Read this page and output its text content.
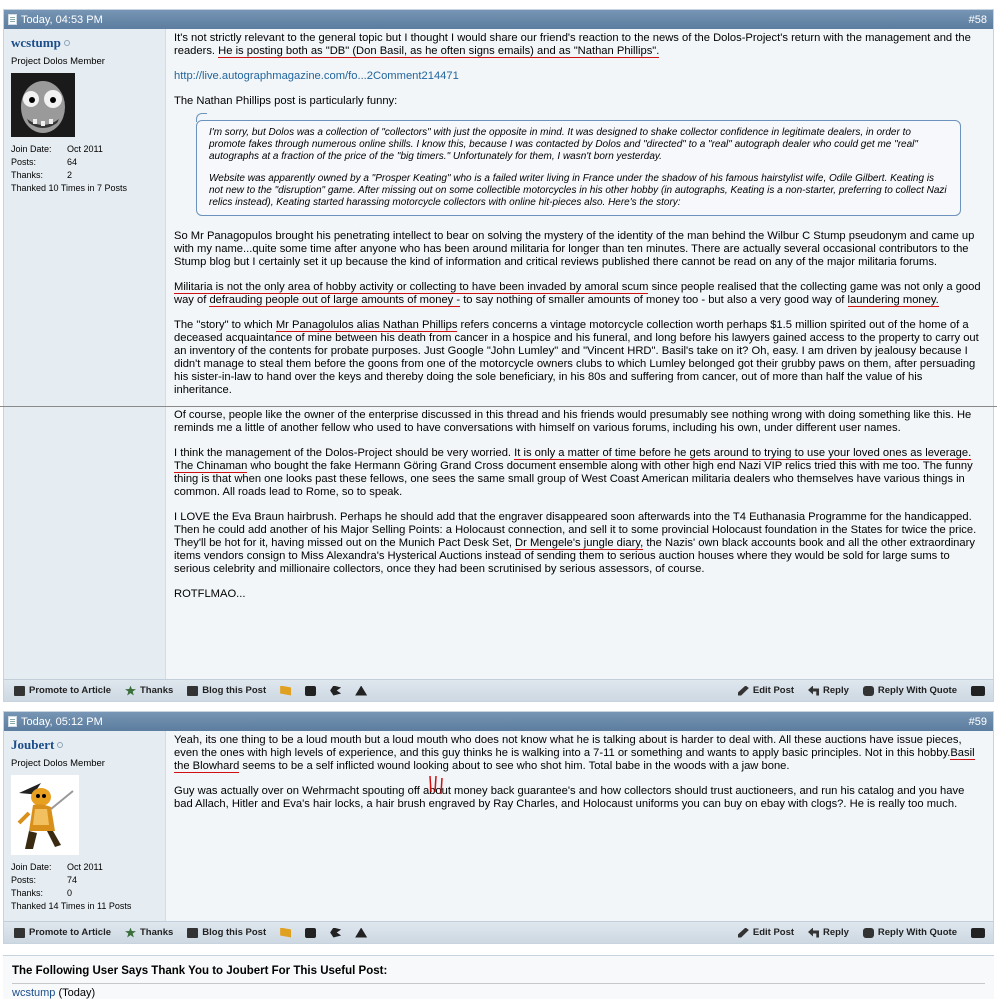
Today, 04:53 PM	#58
wcstump
Project Dolos Member
Join Date:	Oct 2011
Posts:	64
Thanks:	2
Thanked 10 Times in 7 Posts

It's not strictly relevant to the general topic but I thought I would share our friend's reaction to the news of the Dolos-Project's return with the management and the readers. He is posting both as "DB" (Don Basil, as he often signs emails) and as "Nathan Phillips".

http://live.autographmagazine.com/fo...2Comment214471

The Nathan Phillips post is particularly funny:

I'm sorry, but Dolos was a collection of "collectors" with just the opposite in mind. It was designed to shake collector confidence in legitimate dealers, in order to promote fakes through numerous online shills. I know this, because I was contacted by Dolos and "directed" to a "real" autograph dealer who could get me "real" autographs at a fraction of the price of the "big timers." Unfortunately for them, I wasn't born yesterday.

Website was apparently owned by a "Prosper Keating" who is a failed writer living in France under the shadow of his famous hairstylist wife, Odile Gilbert. Keating is not new to the "disruption" game. After missing out on some collectible motorcycles in his other hobby (in autographs, Keating is a non-starter, preferring to collect Nazi relics instead), Keating started harassing motorcycle collectors with online hit-pieces also. Here's the story:

So Mr Panagopulos brought his penetrating intellect to bear on solving the mystery of the identity of the man behind the Wilbur C Stump pseudonym and came up with my name...quite some time after anyone who has been around militaria for longer than ten minutes. There are actually several occasional contributors to the Stump blog but I certainly set it up because the kind of information and critical reviews published there cannot be read on any of the major militaria forums.

Militaria is not the only area of hobby activity or collecting to have been invaded by amoral scum since people realised that the collecting game was not only a good way of defrauding people out of large amounts of money - to say nothing of smaller amounts of money too - but also a very good way of laundering money.

The "story" to which Mr Panagolulos alias Nathan Phillips refers concerns a vintage motorcycle collection worth perhaps $1.5 million spirited out of the home of a deceased acquaintance of mine between his death from cancer in a hospice and his funeral, and long before his lawyers gained access to the property to carry out an inventory of the contents for probate purposes. Just Google "John Lumley" and "Vincent HRD". Basil's take on it? Oh, easy. I am driven by jealousy because I didn't manage to steal them before the goons from one of the motorcycle owners clubs to which Lumley belonged got their grubby paws on them, after persuading his sister-in-law to hand over the keys and thereby doing the sole beneficiary, in his 80s and suffering from cancer, out of more than half the value of his inheritance.

Of course, people like the owner of the enterprise discussed in this thread and his friends would presumably see nothing wrong with doing something like this. He reminds me a little of another fellow who used to have conversations with himself on various forums, including his own, under different user names.

I think the management of the Dolos-Project should be very worried. It is only a matter of time before he gets around to trying to use your loved ones as leverage. The Chinaman who bought the fake Hermann Göring Grand Cross document ensemble along with other high end Nazi VIP relics tried this with me too. The funny thing is that when one looks past these fellows, one sees the same small group of West Coast American militaria dealers who themselves have various things in common. All roads lead to Rome, so to speak.

I LOVE the Eva Braun hairbrush. Perhaps he should add that the engraver disappeared soon afterwards into the T4 Euthanasia Programme for the handicapped. Then he could add another of his Major Selling Points: a Holocaust connection, and sell it to some provincial Holocaust foundation in the States for twice the price. They'll be hot for it, having missed out on the Munich Pact Desk Set, Dr Mengele's jungle diary, the Nazis' own black accounts book and all the other extraordinary items vendors consign to Miss Alexandra's Hysterical Auctions instead of sending them to serious auction houses where they would be sold for large sums to serious celebrity and millionaire collectors, once they had been scrutinised by serious assessors, of course.

ROTFLMAO...

Promote to Article	Thanks	Blog this Post	Edit Post	Reply	Reply With Quote
Today, 05:12 PM	#59
Joubert
Project Dolos Member
Join Date:	Oct 2011
Posts:	74
Thanks:	0
Thanked 14 Times in 11 Posts

Yeah, its one thing to be a loud mouth but a loud mouth who does not know what he is talking about is harder to deal with. All these auctions have issue pieces, even the ones with high levels of experience, and this guy thinks he is walking into a 7-11 or something and wants to apply basic principles. Not in this hobby.Basil the Blowhard seems to be a self inflicted wound looking about to see who shot him. Total babe in the woods with a jaw bone.

Guy was actually over on Wehrmacht spouting off about money back guarantee's and how collectors should trust auctioneers, and run his catalog and you have bad Allach, Hitler and Eva's hair locks, a hair brush engraved by Ray Charles, and Holocaust uniforms you can buy on ebay with clogs?. He is really too much.

Promote to Article	Thanks	Blog this Post	Edit Post	Reply	Reply With Quote
The Following User Says Thank You to Joubert For This Useful Post:
wcstump (Today)
